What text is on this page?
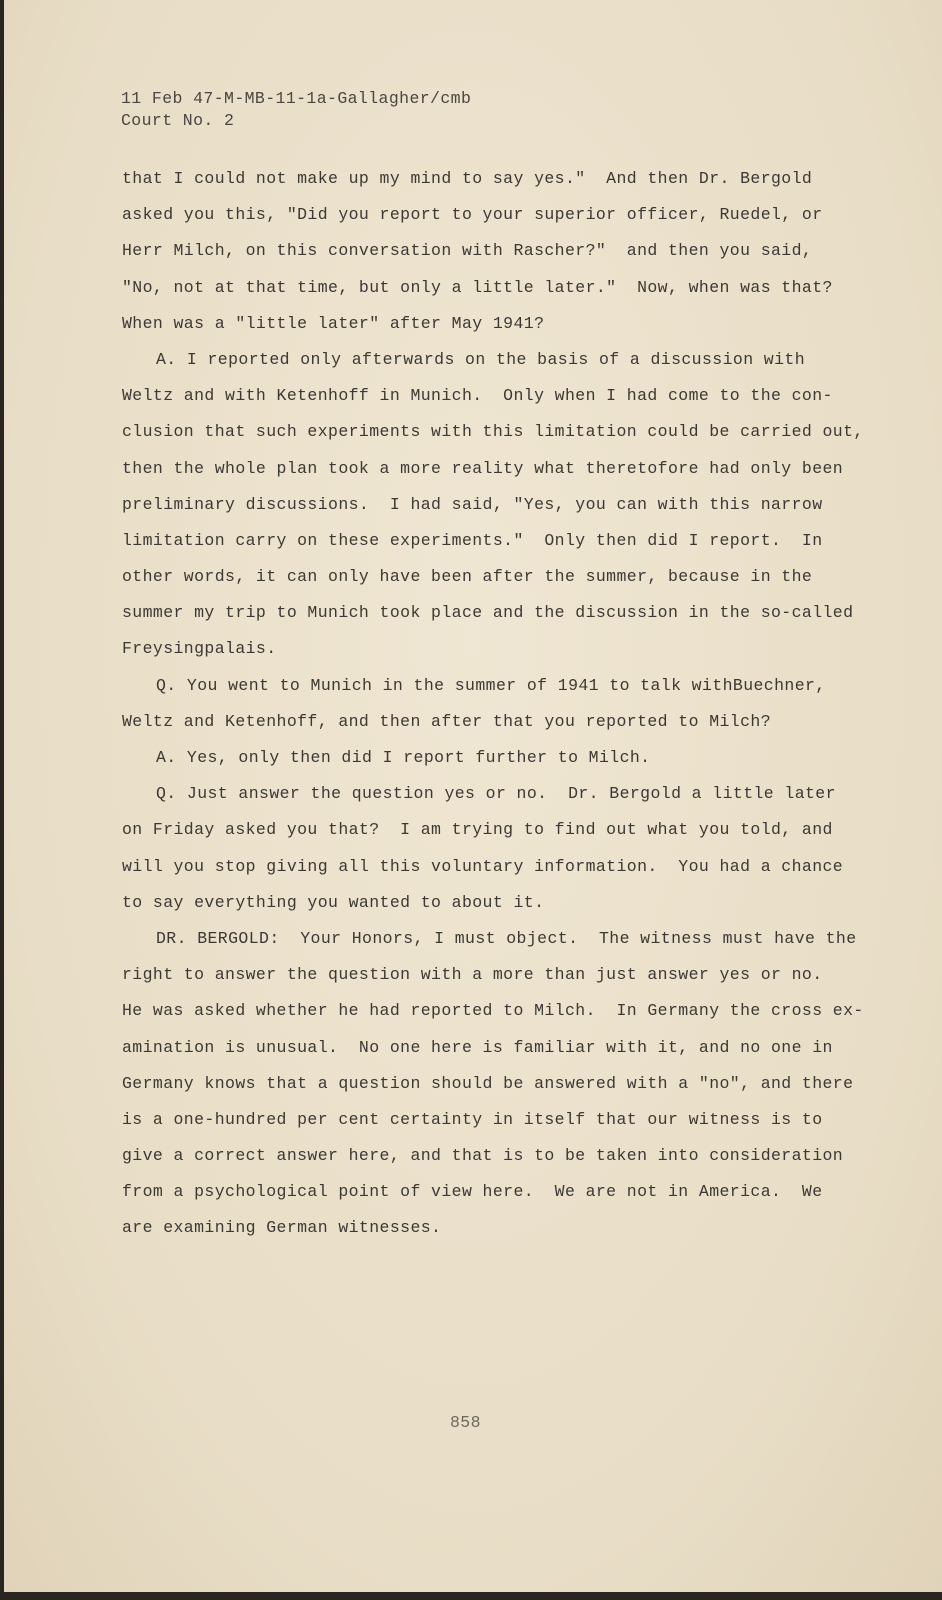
11 Feb 47-M-MB-11-1a-Gallagher/cmb
Court No. 2
that I could not make up my mind to say yes."  And then Dr. Bergold
asked you this, "Did you report to your superior officer, Ruedel, or
Herr Milch, on this conversation with Rascher?"  and then you said,
"No, not at that time, but only a little later."  Now, when was that?
When was a "little later" after May 1941?
A. I reported only afterwards on the basis of a discussion with
Weltz and with Ketenhoff in Munich.  Only when I had come to the con-
clusion that such experiments with this limitation could be carried out,
then the whole plan took a more reality what theretofore had only been
preliminary discussions.  I had said, "Yes, you can with this narrow
limitation carry on these experiments."  Only then did I report.  In
other words, it can only have been after the summer, because in the
summer my trip to Munich took place and the discussion in the so-called
Freysingpalais.
Q. You went to Munich in the summer of 1941 to talk withBuechner,
Weltz and Ketenhoff, and then after that you reported to Milch?
A. Yes, only then did I report further to Milch.
Q. Just answer the question yes or no.  Dr. Bergold a little later
on Friday asked you that?  I am trying to find out what you told, and
will you stop giving all this voluntary information.  You had a chance
to say everything you wanted to about it.
DR. BERGOLD:  Your Honors, I must object.  The witness must have the
right to answer the question with a more than just answer yes or no.
He was asked whether he had reported to Milch.  In Germany the cross ex-
amination is unusual.  No one here is familiar with it, and no one in
Germany knows that a question should be answered with a "no", and there
is a one-hundred per cent certainty in itself that our witness is to
give a correct answer here, and that is to be taken into consideration
from a psychological point of view here.  We are not in America.  We
are examining German witnesses.
858
